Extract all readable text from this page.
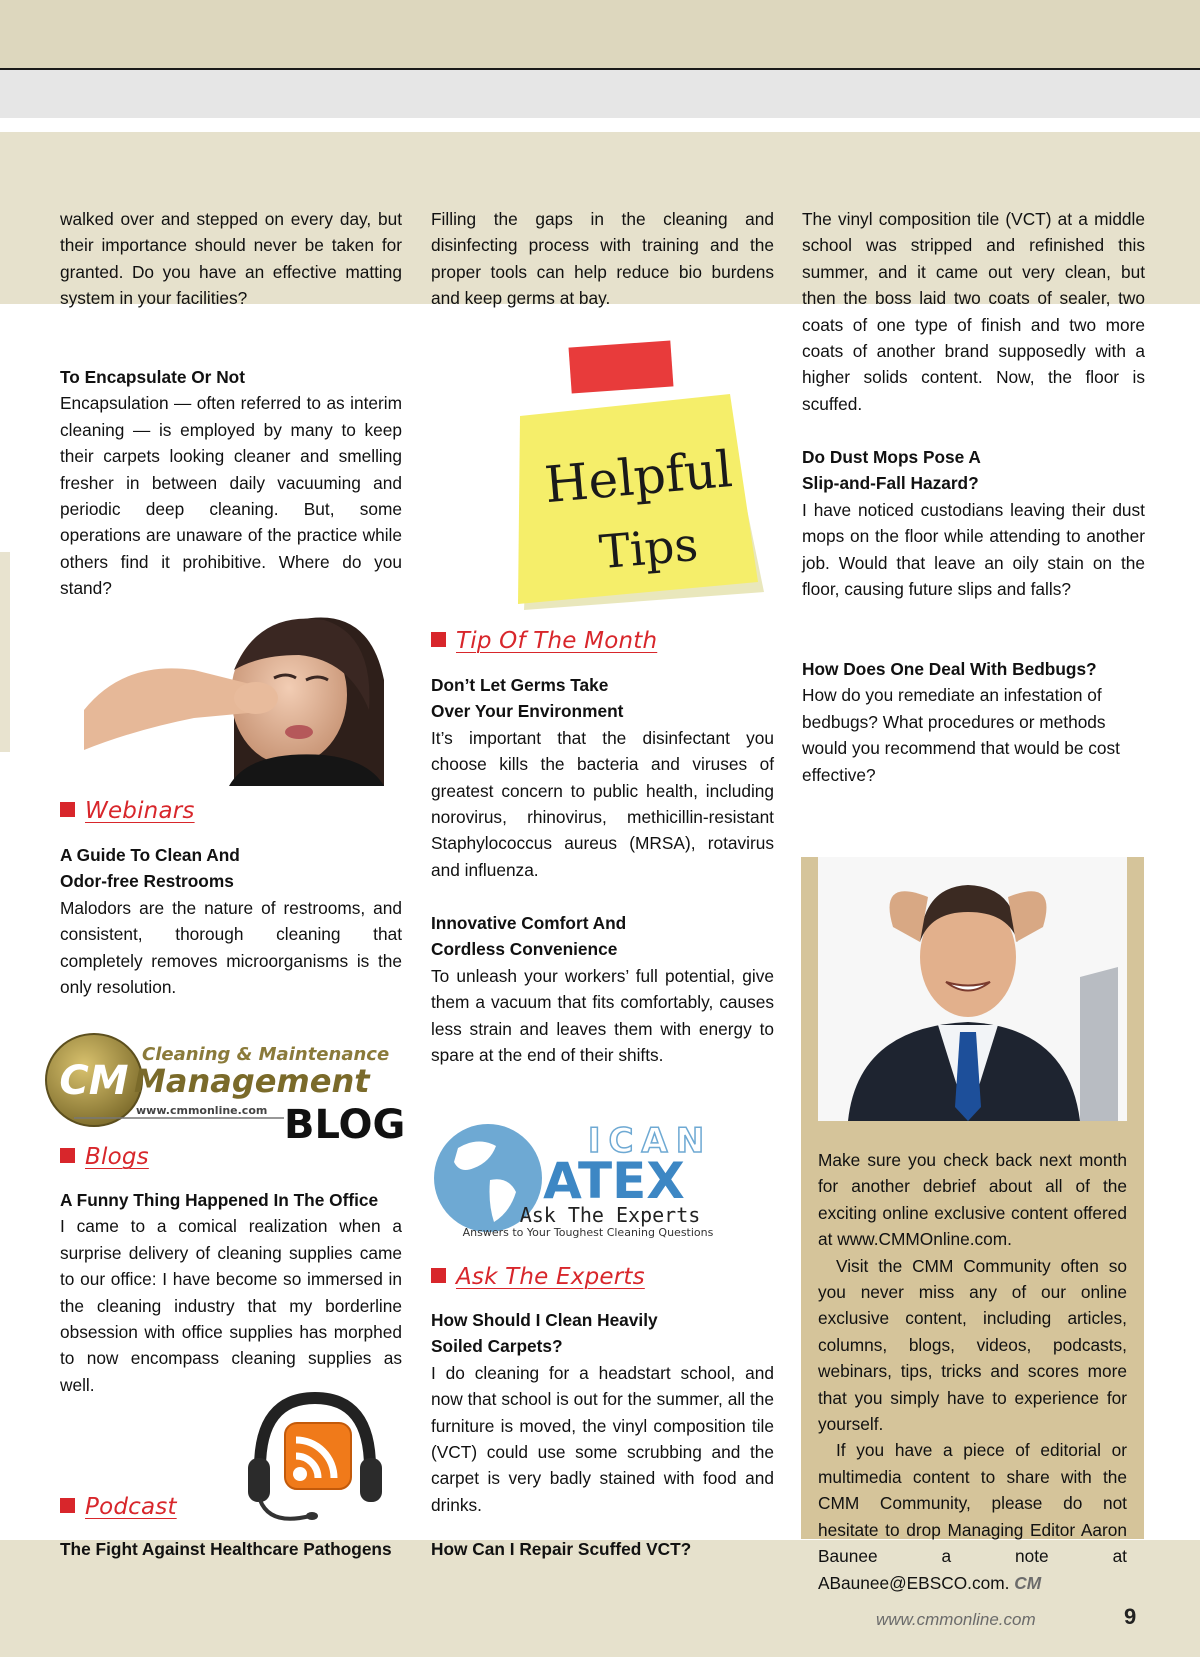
walked over and stepped on every day, but their importance should never be taken for granted. Do you have an effective matting system in your facilities?

To Encapsulate Or Not

Encapsulation — often referred to as interim cleaning — is employed by many to keep their carpets looking cleaner and smelling fresher in between daily vacuuming and periodic deep cleaning. But, some operations are unaware of the practice while others find it prohibitive. Where do you stand?

Webinars

A Guide To Clean And

Odor-free Restrooms

Malodors are the nature of restrooms, and consistent, thorough cleaning that completely removes microorganisms is the only resolution.

CM
Cleaning & Maintenance
Management
www.cmmonline.com BLOG
Blogs

A Funny Thing Happened In The Office

I came to a comical realization when a surprise delivery of cleaning supplies came to our office: I have become so immersed in the cleaning industry that my borderline obsession with office supplies has morphed to now encompass cleaning supplies as well.

Podcast

The Fight Against Healthcare Pathogens

Filling the gaps in the cleaning and disinfecting process with training and the proper tools can help reduce bio burdens and keep germs at bay.

Helpful
Tips
Tip Of The Month

Don’t Let Germs Take

Over Your Environment

It’s important that the disinfectant you choose kills the bacteria and viruses of greatest concern to public health, including norovirus, rhinovirus, methicillin-resistant Staphylococcus aureus (MRSA), rotavirus and influenza.

Innovative Comfort And

Cordless Convenience

To unleash your workers’ full potential, give them a vacuum that fits comfortably, causes less strain and leaves them with energy to spare at the end of their shifts.

ICAN
ATEX
Ask The Experts
Answers to Your Toughest Cleaning Questions
Ask The Experts

How Should I Clean Heavily

Soiled Carpets?

I do cleaning for a headstart school, and now that school is out for the summer, all the furniture is moved, the vinyl composition tile (VCT) could use some scrubbing and the carpet is very badly stained with food and drinks.

How Can I Repair Scuffed VCT?

The vinyl composition tile (VCT) at a middle school was stripped and refinished this summer, and it came out very clean, but then the boss laid two coats of sealer, two coats of one type of finish and two more coats of another brand supposedly with a higher solids content. Now, the floor is scuffed.

Do Dust Mops Pose A

Slip-and-Fall Hazard?

I have noticed custodians leaving their dust mops on the floor while attending to another job. Would that leave an oily stain on the floor, causing future slips and falls?

How Does One Deal With Bedbugs?

How do you remediate an infestation of bedbugs? What procedures or methods would you recommend that would be cost effective?

Make sure you check back next month for another debrief about all of the exciting online exclusive content offered at www.CMMOnline.com.

Visit the CMM Community often so you never miss any of our online exclusive content, including articles, columns, blogs, videos, podcasts, webinars, tips, tricks and scores more that you simply have to experience for yourself.

If you have a piece of editorial or multimedia content to share with the CMM Community, please do not hesitate to drop Managing Editor Aaron Baunee a note at ABaunee@EBSCO.com. CM

www.cmmonline.com	9
